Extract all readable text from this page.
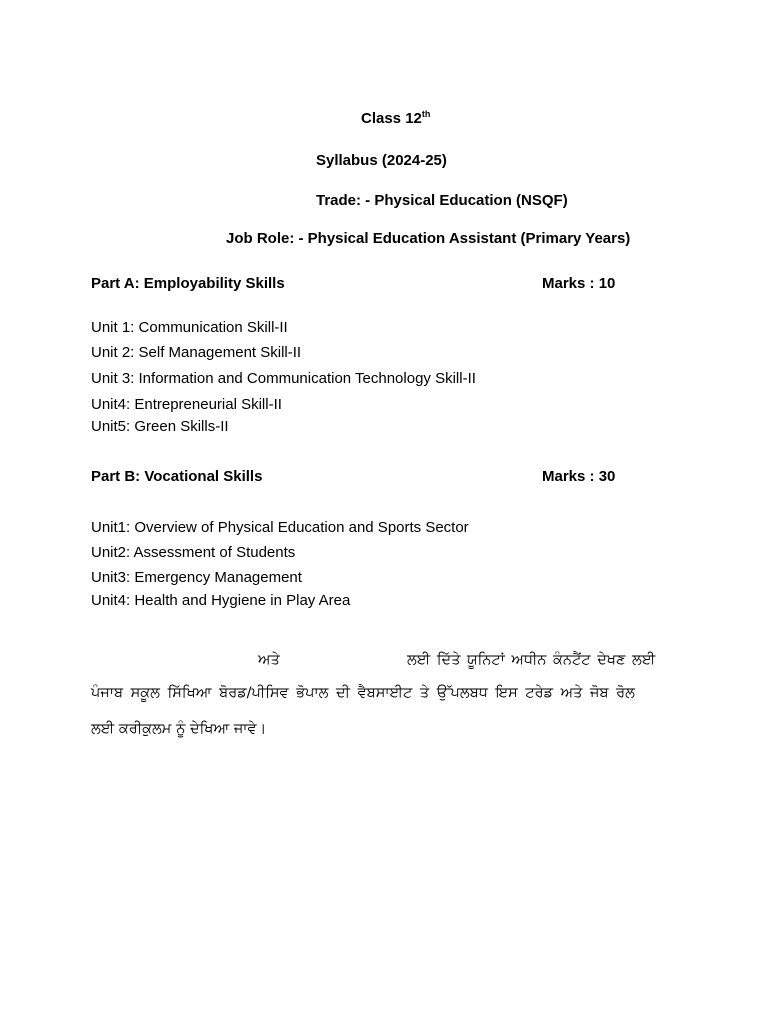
Class 12th
Syllabus (2024-25)
Trade: - Physical Education (NSQF)
Job Role: - Physical Education Assistant (Primary Years)
Part A: Employability Skills	Marks : 10
Unit 1: Communication Skill-II
Unit 2: Self Management Skill-II
Unit 3: Information and Communication Technology Skill-II
Unit4: Entrepreneurial Skill-II
Unit5: Green Skills-II
Part B: Vocational Skills	Marks : 30
Unit1: Overview of Physical Education and Sports Sector
Unit2: Assessment of Students
Unit3: Emergency Management
Unit4: Health and Hygiene in Play Area
ਅਤੇ	ਲਈ ਦਿੱਤੇ ਯੂਨਿਟਾਂ ਅਧੀਨ ਕੰਨਟੈਂਟ ਦੇਖਣ ਲਈ
ਪੰਜਾਬ ਸਕੂਲ ਸਿੱਖਿਆ ਬੋਰਡ/ਪੀਸਿਵ ਭੋਪਾਲ ਦੀ ਵੈਬਸਾਈਟ ਤੇ ਉੱਪਲਬਧ ਇਸ ਟਰੇਡ ਅਤੇ ਜੋਬ ਰੋਲ
ਲਈ ਕਰੀਕੁਲਮ ਨੂੰ ਦੇਖਿਆ ਜਾਵੇ।
